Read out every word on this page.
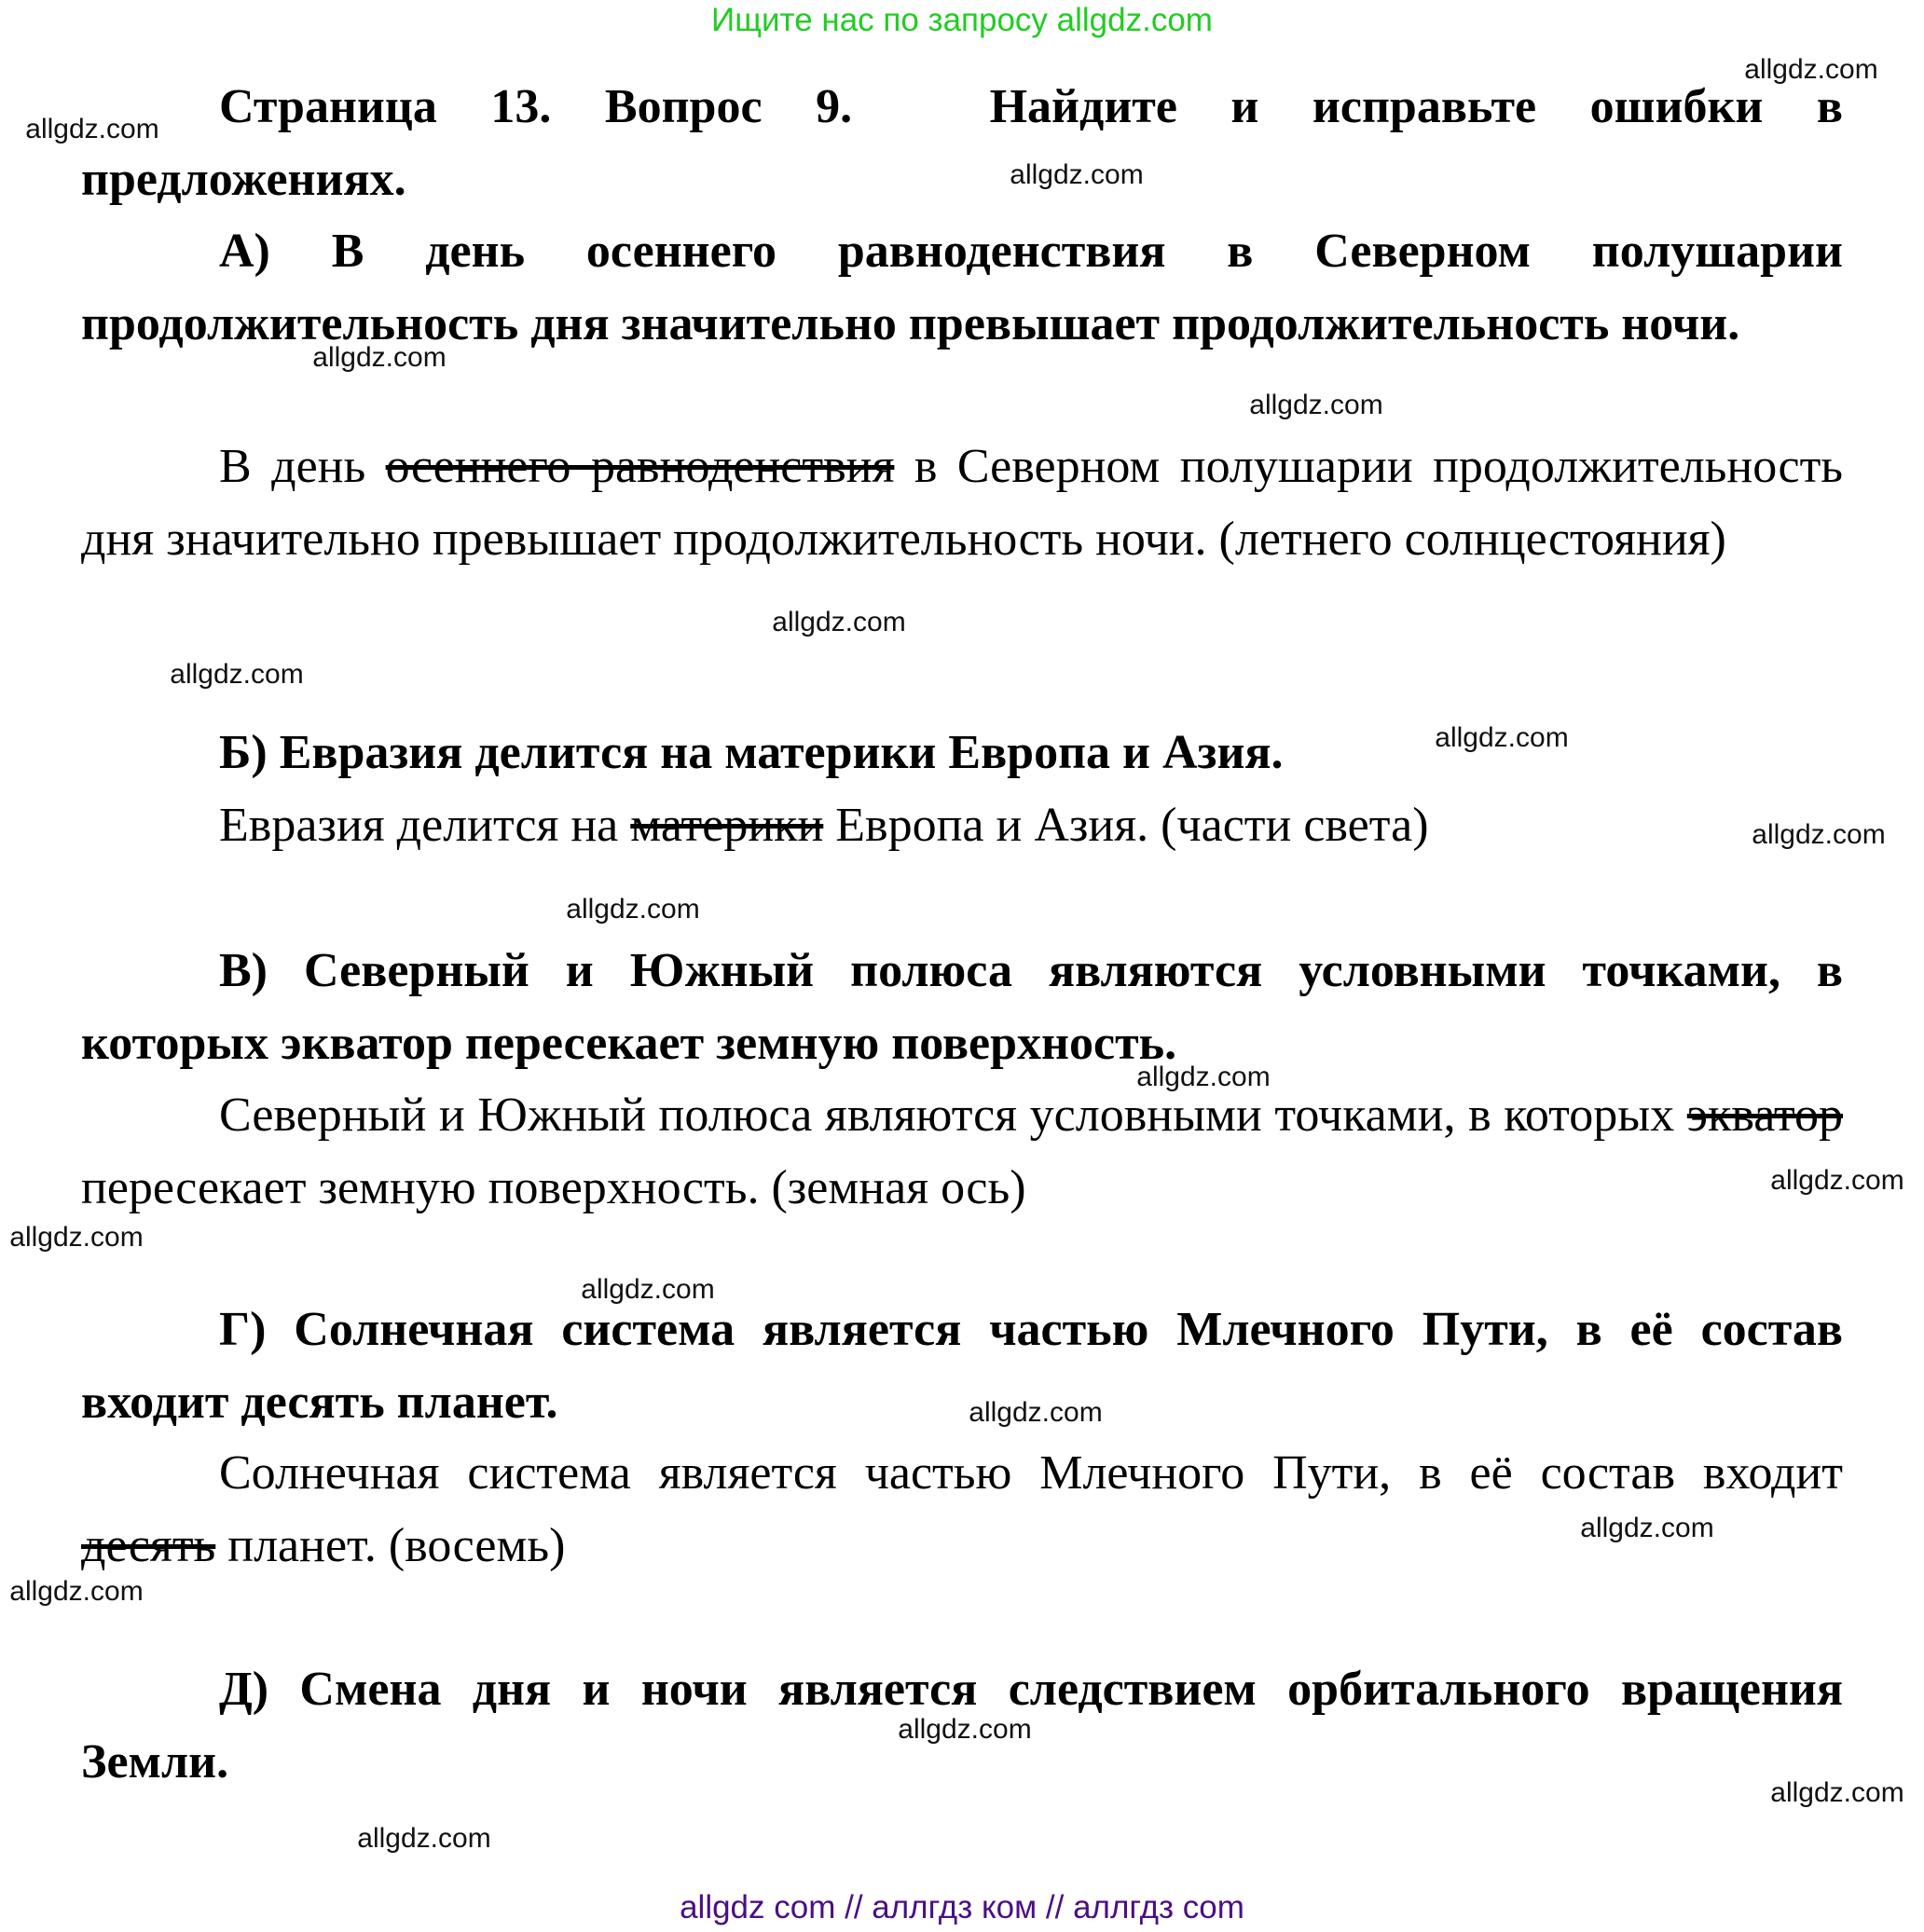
Ищите нас по запросу allgdz.com
Страница 13. Вопрос 9.	Найдите и исправьте ошибки в предложениях.
А) В день осеннего равноденствия в Северном полушарии продолжительность дня значительно превышает продолжительность ночи.
В день осеннего равноденствия в Северном полушарии продолжительность дня значительно превышает продолжительность ночи. (летнего солнцестояния)
Б) Евразия делится на материки Европа и Азия.
Евразия делится на материки Европа и Азия. (части света)
В) Северный и Южный полюса являются условными точками, в которых экватор пересекает земную поверхность.
Северный и Южный полюса являются условными точками, в которых экватор пересекает земную поверхность. (земная ось)
Г) Солнечная система является частью Млечного Пути, в её состав входит десять планет.
Солнечная система является частью Млечного Пути, в её состав входит десять планет. (восемь)
Д) Смена дня и ночи является следствием орбитального вращения Земли.
allgdz.com
allgdz.com
allgdz.com
allgdz.com
allgdz.com
allgdz.com
allgdz.com
allgdz.com
allgdz.com
allgdz.com
allgdz.com
allgdz.com
allgdz.com
allgdz.com
allgdz.com
allgdz.com
allgdz.com
allgdz.com
allgdz.com
allgdz.com
allgdz com // аллгдз ком // аллгдз com
